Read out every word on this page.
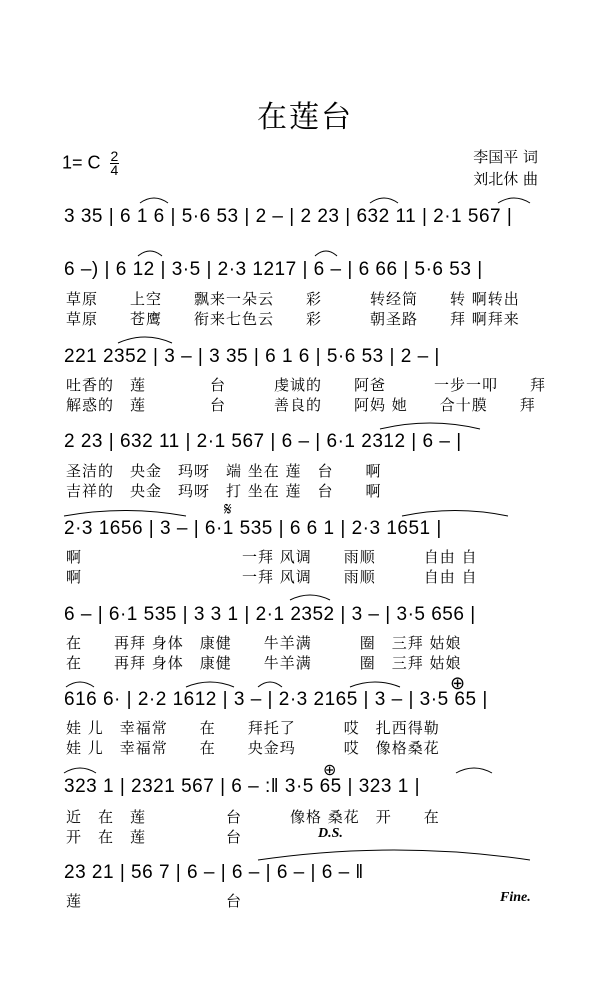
在莲台
1= C $\frac{2}{4}$	李国平 词
刘北休 曲
3 35 | 6 1 6 | 5·6 53 | 2 – | 2 23 | 632 11 | 2·1 567 |
6 –) | 6 12 | 3·5 | 2·3 1217 | 6 – | 6 66 | 5·6 53 |
草原　　上空　　飘来一朵云　　彩　　　转经筒　　转 啊转出
草原　　苍鹰　　衔来七色云　　彩　　　朝圣路　　拜 啊拜来
221 2352 | 3 – | 3 35 | 6 1 6 | 5·6 53 | 2 – |
吐香的　莲　　　　台　　　虔诚的　　阿爸　　　一步一叩　　拜
解惑的　莲　　　　台　　　善良的　　阿妈 她　　合十膜　　拜
2 23 | 632 11 | 2·1 567 | 6 – | 6·1 2312 | 6 – |
圣洁的　央金　玛呀　端 坐在 莲　台　　啊
吉祥的　央金　玛呀　打 坐在 莲　台　　啊
2·3 1656 | 3 – | 6·1 535 | 6 6 1 | 2·3 1651 |
啊　　　　　　　　　　一拜 风调　　雨顺　　　自由 自
啊　　　　　　　　　　一拜 风调　　雨顺　　　自由 自
6 – | 6·1 535 | 3 3 1 | 2·1 2352 | 3 – | 3·5 656 |
在　　再拜 身体　康健　　牛羊满　　　圈　三拜 姑娘
在　　再拜 身体　康健　　牛羊满　　　圈　三拜 姑娘
616 6· | 2·2 1612 | 3 – | 2·3 2165 | 3 – | 3·5 65 |
娃 儿　幸福常　　在　　拜托了　　　哎　扎西得勒
娃 儿　幸福常　　在　　央金玛　　　哎　像格桑花
323 1 | 2321 567 | 6 – :‖ 3·5 65 | 323 1 |
近　在　莲　　　　　台　　　像格 桑花　开　　在
开　在　莲　　　　　台	D.S.
23 21 | 56 7 | 6 – | 6 – | 6 – | 6 – ‖
莲　　　　　　　　　台	Fine.
𝄋
⊕
⊕
